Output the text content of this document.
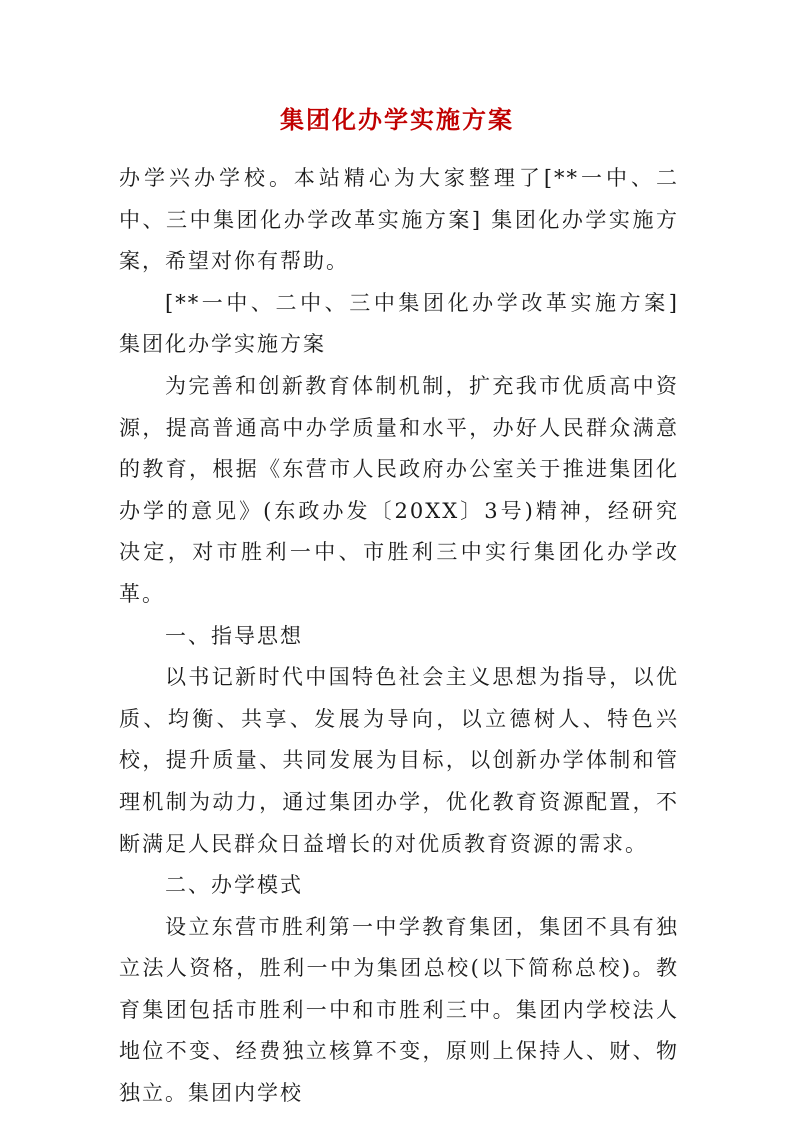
集团化办学实施方案

办学兴办学校。本站精心为大家整理了[**一中、二中、三中集团化办学改革实施方案] 集团化办学实施方案，希望对你有帮助。

[**一中、二中、三中集团化办学改革实施方案] 集团化办学实施方案

为完善和创新教育体制机制，扩充我市优质高中资源，提高普通高中办学质量和水平，办好人民群众满意的教育，根据《东营市人民政府办公室关于推进集团化办学的意见》(东政办发〔20XX〕3号)精神，经研究决定，对市胜利一中、市胜利三中实行集团化办学改革。

一、指导思想

以书记新时代中国特色社会主义思想为指导，以优质、均衡、共享、发展为导向，以立德树人、特色兴校，提升质量、共同发展为目标，以创新办学体制和管理机制为动力，通过集团办学，优化教育资源配置，不断满足人民群众日益增长的对优质教育资源的需求。

二、办学模式

设立东营市胜利第一中学教育集团，集团不具有独立法人资格，胜利一中为集团总校(以下简称总校)。教育集团包括市胜利一中和市胜利三中。集团内学校法人地位不变、经费独立核算不变，原则上保持人、财、物独立。集团内学校
